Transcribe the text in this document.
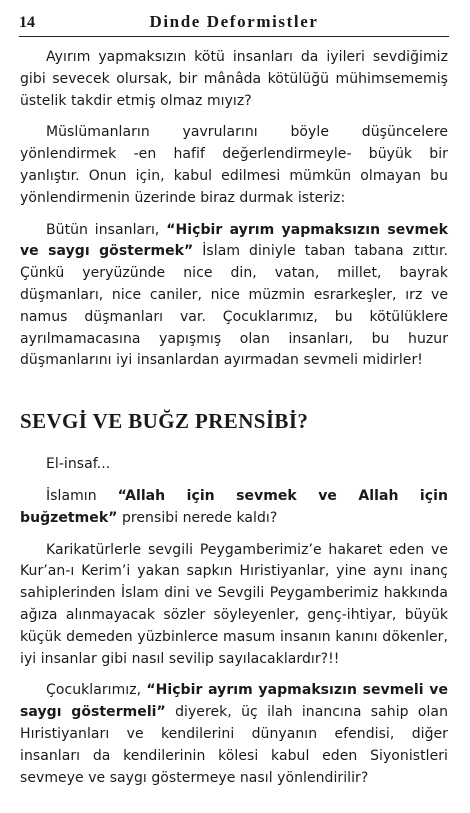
14	Dinde Deformistler

Ayırım yapmaksızın kötü insanları da iyileri sevdiğimiz gibi sevecek olursak, bir mânâda kötülüğü mühimsememiş üstelik takdir etmiş olmaz mıyız?

Müslümanların yavrularını böyle düşüncelere yönlendirmek -en hafif değerlendirmeyle- büyük bir yanlıştır. Onun için, kabul edilmesi mümkün olmayan bu yönlendirmenin üzerinde biraz durmak isteriz:

Bütün insanları, “Hiçbir ayrım yapmaksızın sevmek ve saygı göstermek” İslam diniyle taban tabana zıttır. Çünkü yeryüzünde nice din, vatan, millet, bayrak düşmanları, nice caniler, nice müzmin esrarkeşler, ırz ve namus düşmanları var. Çocuklarımız, bu kötülüklere ayrılmamacasına yapışmış olan insanları, bu huzur düşmanlarını iyi insanlardan ayırmadan sevmeli midirler!

SEVGİ VE BUĞZ PRENSİBİ?

El-insaf...

İslamın “Allah için sevmek ve Allah için buğzetmek” prensibi nerede kaldı?

Karikatürlerle sevgili Peygamberimiz’e hakaret eden ve Kur’an-ı Kerim’i yakan sapkın Hıristiyanlar, yine aynı inanç sahiplerinden İslam dini ve Sevgili Peygamberimiz hakkında ağıza alınmayacak sözler söyleyenler, genç-ihtiyar, büyük küçük demeden yüzbinlerce masum insanın kanını dökenler, iyi insanlar gibi nasıl sevilip sayılacaklardır?!!

Çocuklarımız, “Hiçbir ayrım yapmaksızın sevmeli ve saygı göstermeli” diyerek, üç ilah inancına sahip olan Hıristiyanları ve kendilerini dünyanın efendisi, diğer insanları da kendilerinin kölesi kabul eden Siyonistleri sevmeye ve saygı göstermeye nasıl yönlendirilir?
